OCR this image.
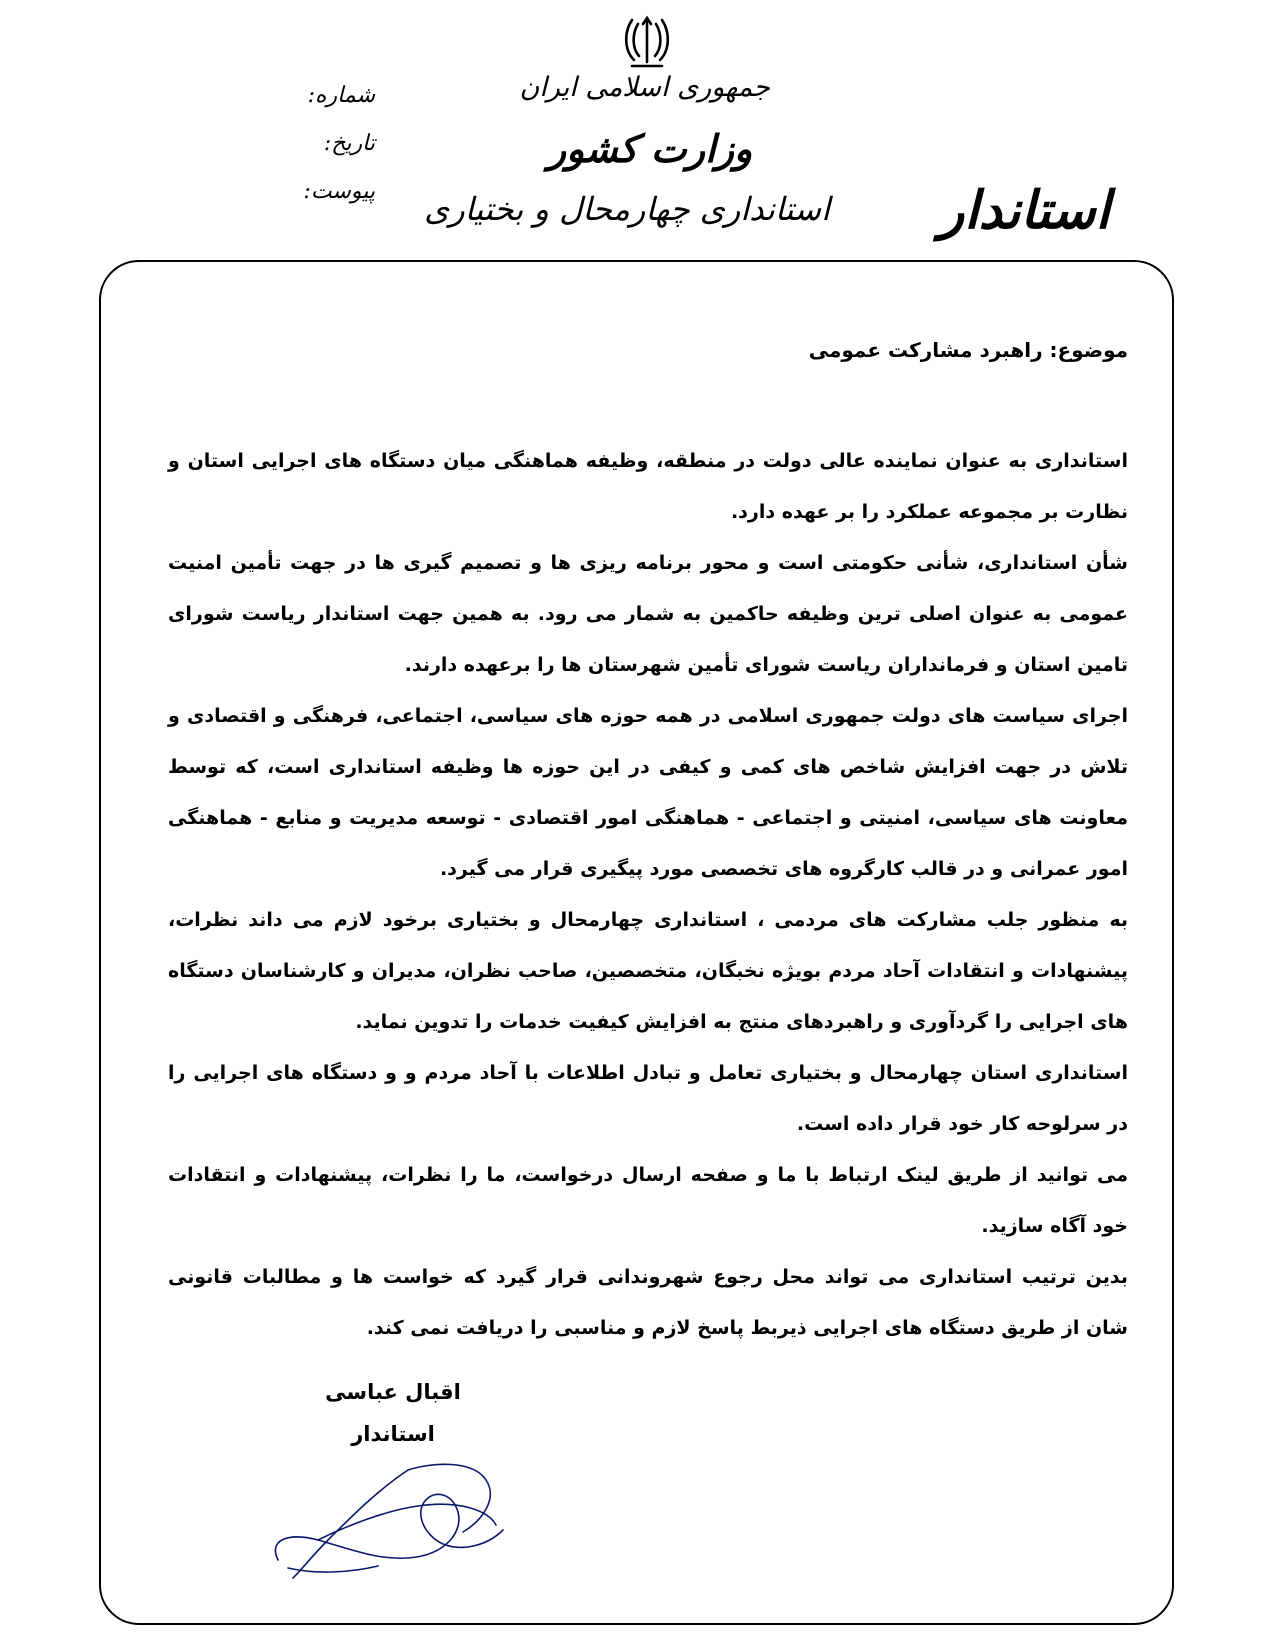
جمهوری اسلامی ایران
وزارت کشور
استانداری چهارمحال و بختیاری
شماره:
تاریخ:
پیوست:	استاندار
موضوع: راهبرد مشارکت عمومی

استانداری به عنوان نماینده عالی دولت در منطقه، وظیفه هماهنگی میان دستگاه های اجرایی استان و نظارت بر مجموعه عملکرد را بر عهده دارد.

شأن استانداری، شأنی حکومتی است و محور برنامه ریزی ها و تصمیم گیری ها در جهت تأمین امنیت عمومی به عنوان اصلی ترین وظیفه حاکمین به شمار می رود. به همین جهت استاندار ریاست شورای تامین استان و فرمانداران ریاست شورای تأمین شهرستان ها را برعهده دارند.

اجرای سیاست های دولت جمهوری اسلامی در همه حوزه های سیاسی، اجتماعی، فرهنگی و اقتصادی و تلاش در جهت افزایش شاخص های کمی و کیفی در این حوزه ها وظیفه استانداری است، که توسط معاونت های سیاسی، امنیتی و اجتماعی - هماهنگی امور اقتصادی - توسعه مدیریت و منابع - هماهنگی امور عمرانی و در قالب کارگروه های تخصصی مورد پیگیری قرار می گیرد.

به منظور جلب مشارکت های مردمی ، استانداری چهارمحال و بختیاری برخود لازم می داند نظرات، پیشنهادات و انتقادات آحاد مردم بویژه نخبگان، متخصصین، صاحب نظران، مدیران و کارشناسان دستگاه های اجرایی را گردآوری و راهبردهای منتج به افزایش کیفیت خدمات را تدوین نماید.

استانداری استان چهارمحال و بختیاری تعامل و تبادل اطلاعات با آحاد مردم و و دستگاه های اجرایی را در سرلوحه کار خود قرار داده است.

می توانید از طریق لینک ارتباط با ما و صفحه ارسال درخواست، ما را نظرات، پیشنهادات و انتقادات خود آگاه سازید.

بدین ترتیب استانداری می تواند محل رجوع شهروندانی قرار گیرد که خواست ها و مطالبات قانونی شان از طریق دستگاه های اجرایی ذیربط پاسخ لازم و مناسبی را دریافت نمی کند.

اقبال عباسی
استاندار
